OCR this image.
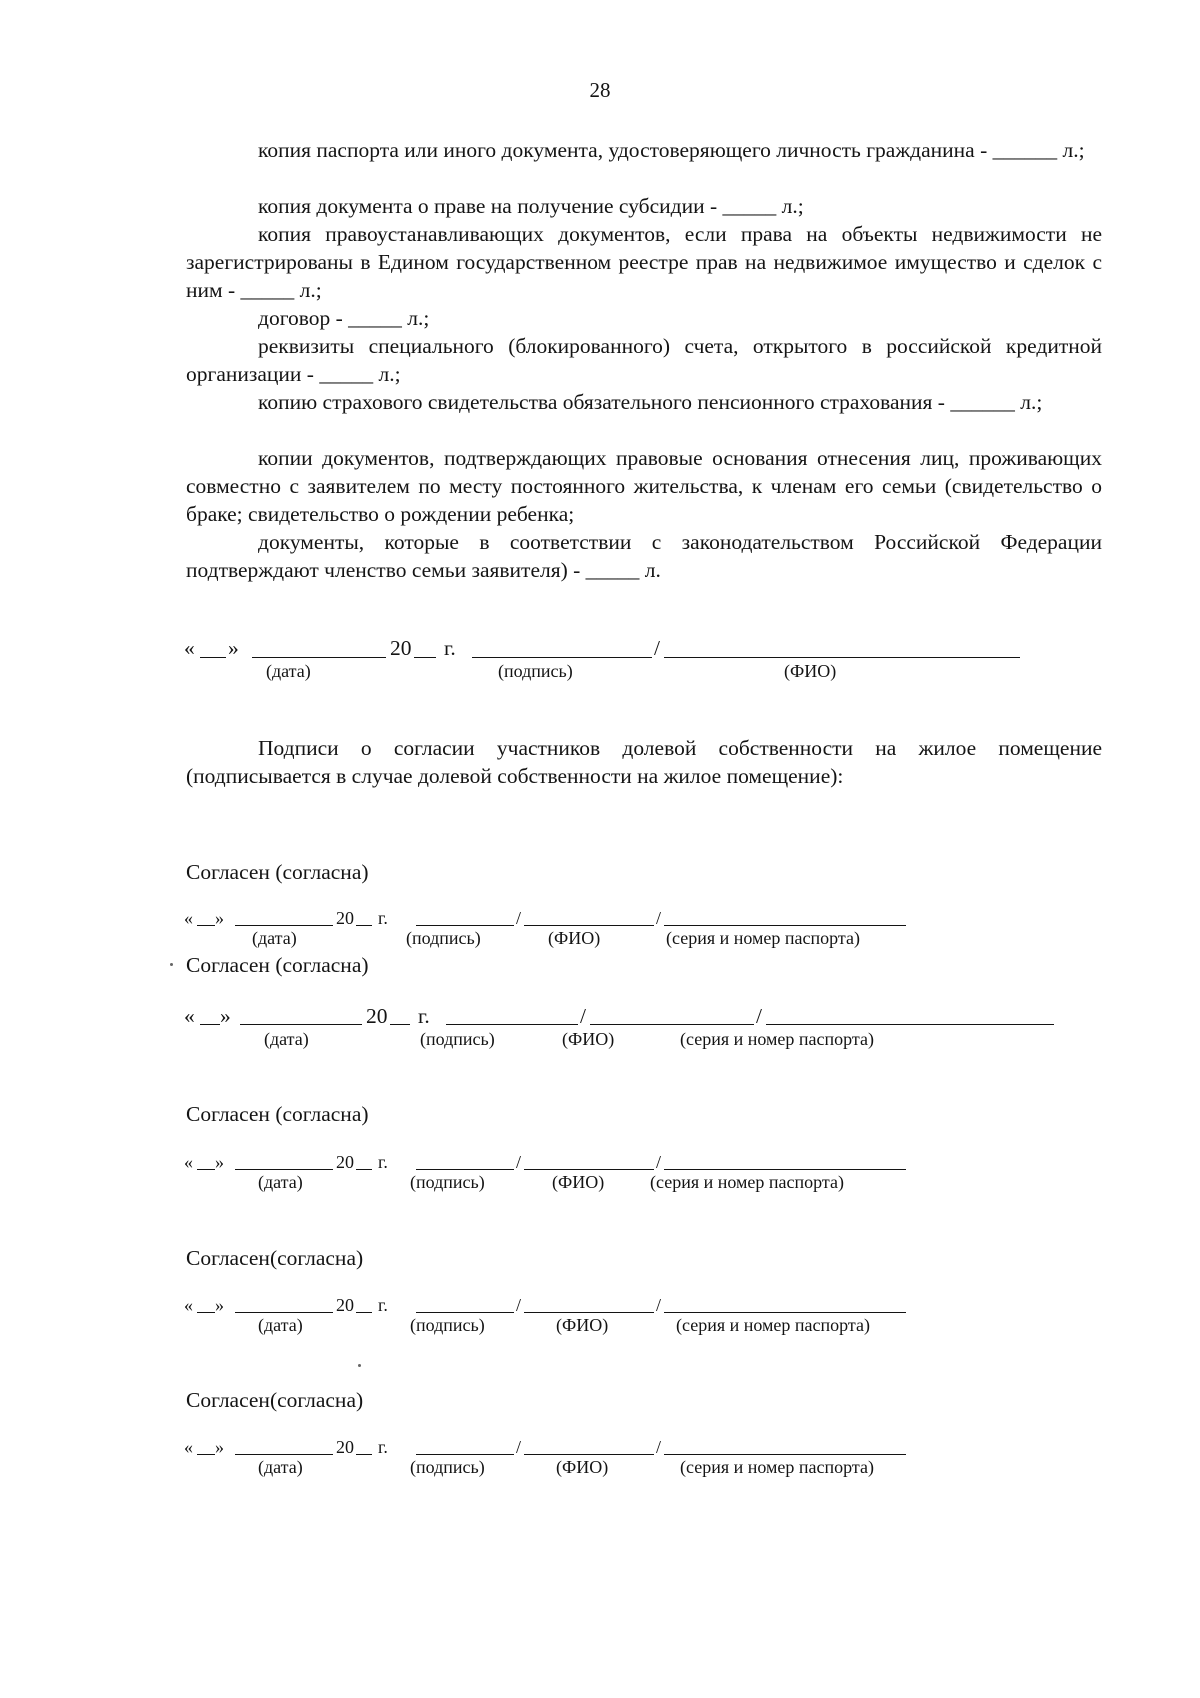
28

копия паспорта или иного документа, удостоверяющего личность гражданина - ______ л.;

копия документа о праве на получение субсидии - _____ л.;

копия правоустанавливающих документов, если права на объекты недвижимости не зарегистрированы в Едином государственном реестре прав на недвижимое имущество и сделок с ним - _____ л.;

договор - _____ л.;

реквизиты специального (блокированного) счета, открытого в российской кредитной организации - _____ л.;

копию страхового свидетельства обязательного пенсионного страхования - ______ л.;

копии документов, подтверждающих правовые основания отнесения лиц, проживающих совместно с заявителем по месту постоянного жительства, к членам его семьи (свидетельство о браке; свидетельство о рождении ребенка;

документы, которые в соответствии с законодательством Российской Федерации подтверждают членство семьи заявителя) - _____ л.

« »	20 г.	/
(дата)	(подпись)	(ФИО)

Подписи о согласии участников долевой собственности на жилое помещение (подписывается в случае долевой собственности на жилое помещение):

Согласен (согласна)
« »	20 г.	/	/
(дата)	(подпись)	(ФИО)	(серия и номер паспорта)
Согласен (согласна)
« »	20 г.	/	/
(дата)	(подпись)	(ФИО)	(серия и номер паспорта)
Согласен (согласна)
« »	20 г.	/	/
(дата)	(подпись)	(ФИО)	(серия и номер паспорта)
Согласен(согласна)
« »	20 г.	/	/
(дата)	(подпись)	(ФИО)	(серия и номер паспорта)
Согласен(согласна)
« »	20 г.	/	/
(дата)	(подпись)	(ФИО)	(серия и номер паспорта)
